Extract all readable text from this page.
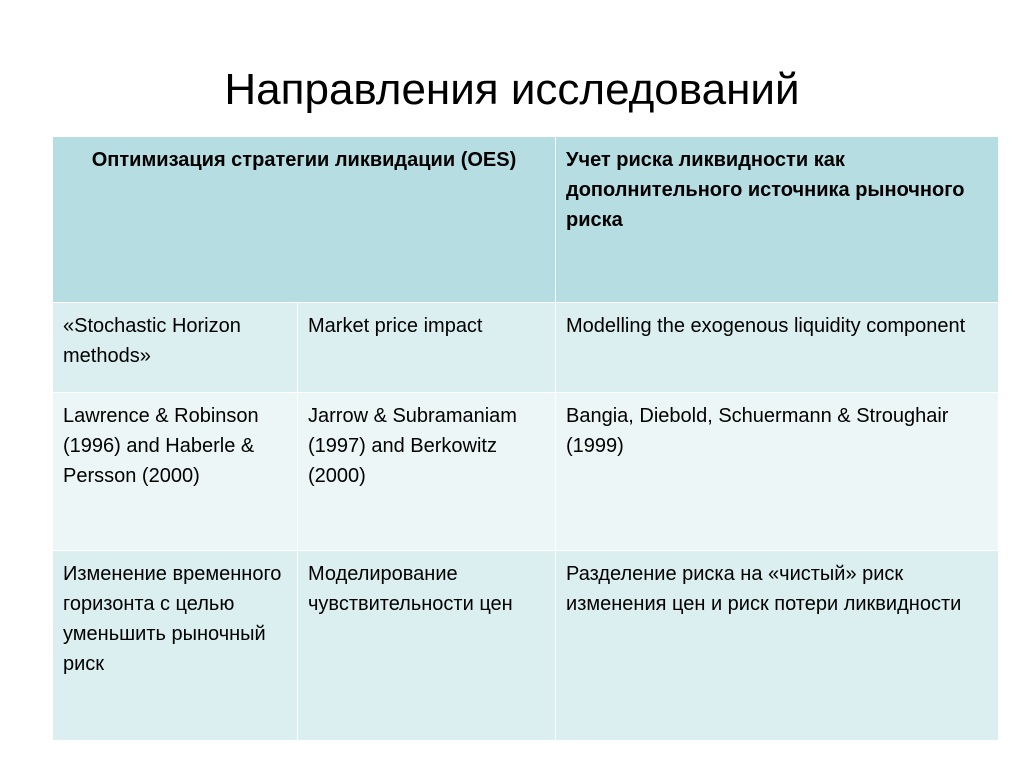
Направления исследований
Оптимизация стратегии ликвидации (OES)		Учет риска ликвидности как дополнительного источника рыночного риска
«Stochastic Horizon methods»	Market price impact	Modelling the exogenous liquidity component
Lawrence & Robinson (1996) and Haberle & Persson (2000)	Jarrow & Subramaniam (1997) and Berkowitz (2000)	Bangia, Diebold, Schuermann & Stroughair (1999)
Изменение временного горизонта с целью уменьшить рыночный риск	Моделирование чувствительности цен	Разделение риска на «чистый» риск изменения цен и риск потери ликвидности
